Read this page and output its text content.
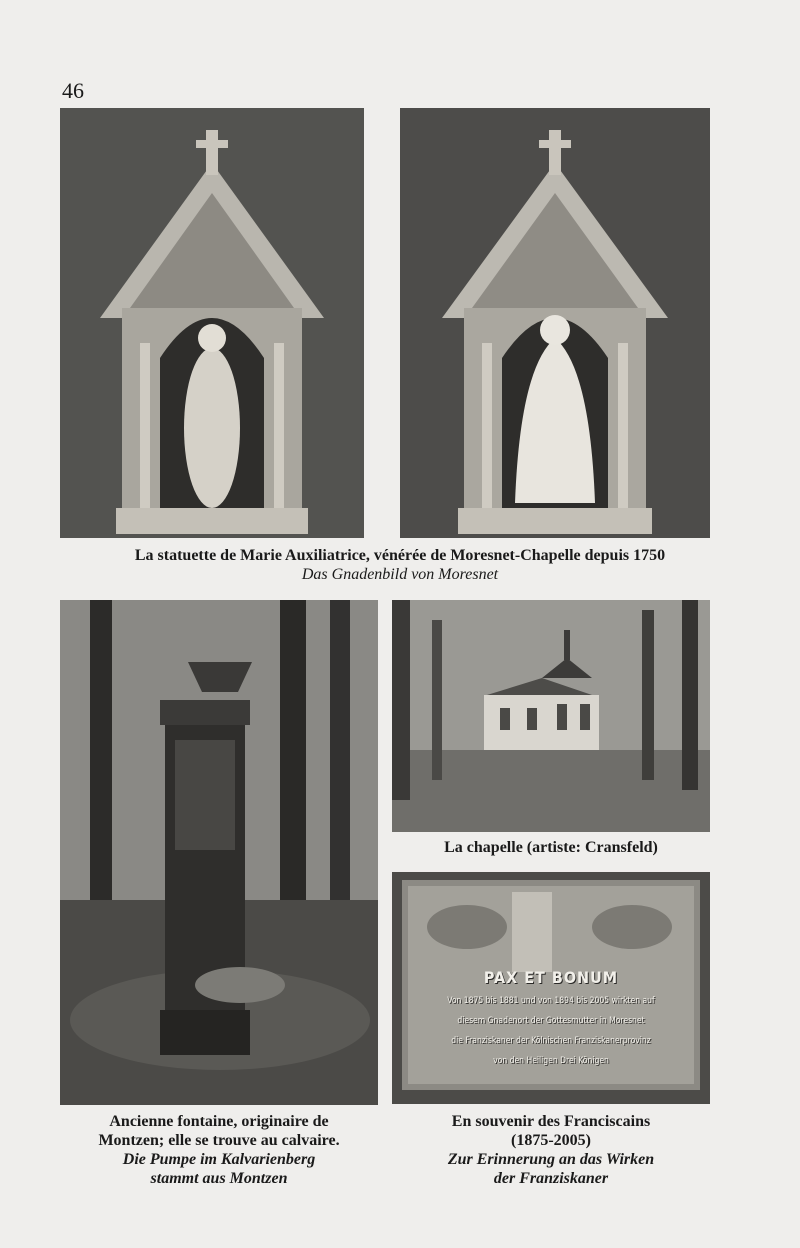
46
La statuette de Marie Auxiliatrice, vénérée de Moresnet-Chapelle depuis 1750
Das Gnadenbild von Moresnet
La chapelle (artiste: Cransfeld)
PAX ET BONUM
Von 1875 bis 1881 und von 1894 bis 2005 wirkten auf
diesem Gnadenort der Gottesmutter in Moresnet
die Franziskaner der Kölnischen Franziskanerprovinz
von den Heiligen Drei Königen
Ancienne fontaine, originaire de
Montzen; elle se trouve au calvaire.
Die Pumpe im Kalvarienberg
stammt aus Montzen
En souvenir des Franciscains
(1875-2005)
Zur Erinnerung an das Wirken
der Franziskaner
